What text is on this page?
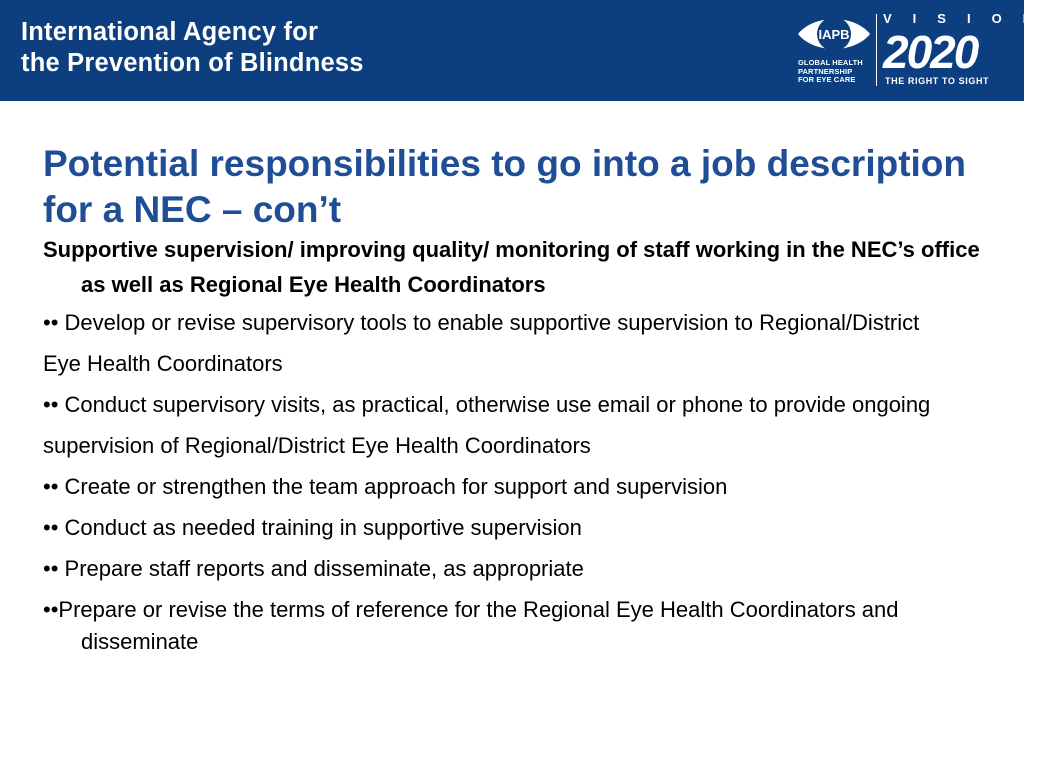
International Agency for
the Prevention of Blindness
IAPB
GLOBAL HEALTH
PARTNERSHIP
FOR EYE CARE
VISION
2020
THE RIGHT TO SIGHT
Potential responsibilities to go into a job description for a NEC – con’t
Supportive supervision/ improving quality/ monitoring of staff working in the NEC’s office as well as Regional Eye Health Coordinators
•• Develop or revise supervisory tools to enable supportive supervision to Regional/District
Eye Health Coordinators
•• Conduct supervisory visits, as practical, otherwise use email or phone to provide ongoing
supervision of Regional/District Eye Health Coordinators
•• Create or strengthen the team approach for support and supervision
•• Conduct as needed training in supportive supervision
•• Prepare staff reports and disseminate, as appropriate
••Prepare or revise the terms of reference for the Regional Eye Health Coordinators and disseminate
